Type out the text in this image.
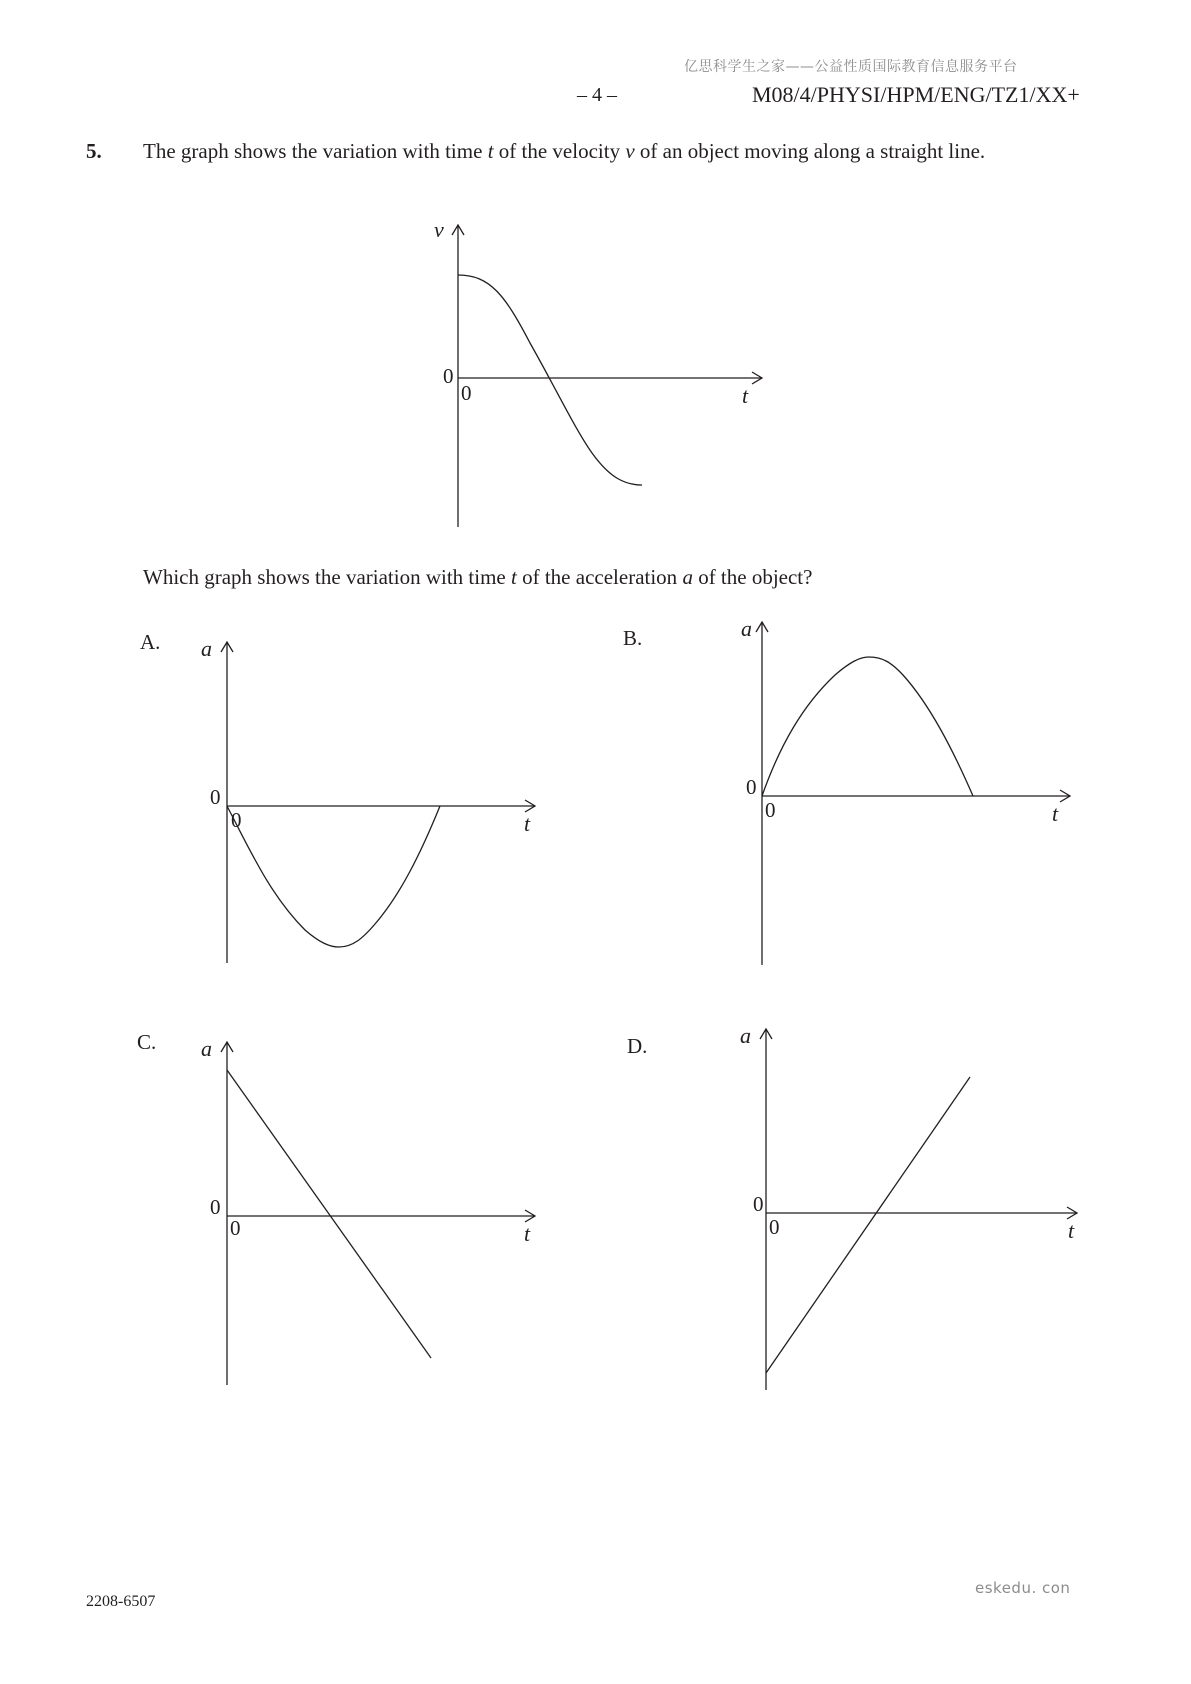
亿思科学生之家——公益性质国际教育信息服务平台
– 4 –	M08/4/PHYSI/HPM/ENG/TZ1/XX+
5. The graph shows the variation with time t of the velocity v of an object moving along a straight line.
v
t
0
0
Which graph shows the variation with time t of the acceleration a of the object?
A. a
t
0
0
B.	a
t
0
0
C. a
t
0
0
D.	a
t
0
0
2208-6507
eskedu. con
